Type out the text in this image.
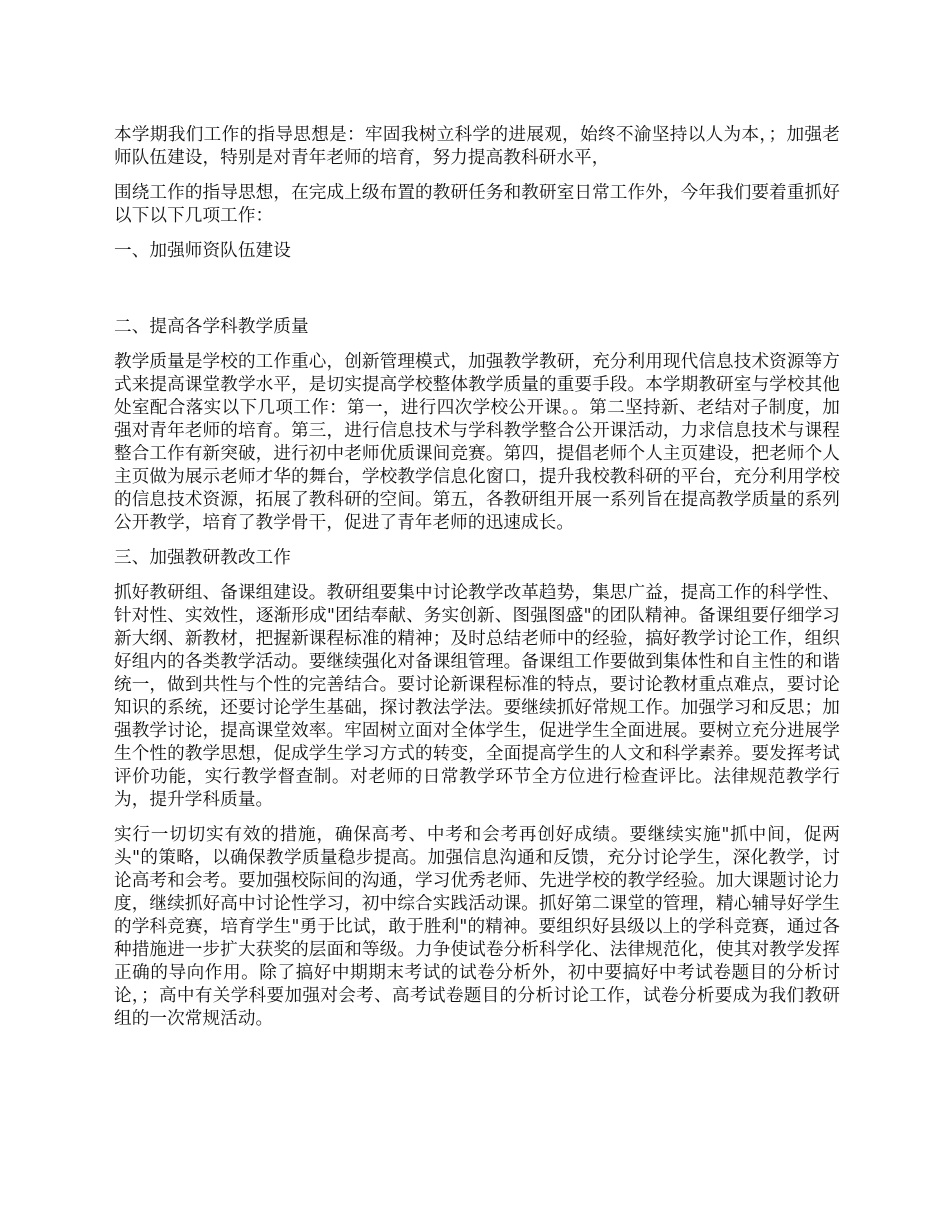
本学期我们工作的指导思想是：牢固我树立科学的进展观，始终不渝坚持以人为本，；加强老师队伍建设，特别是对青年老师的培育，努力提高教科研水平，

围绕工作的指导思想，在完成上级布置的教研任务和教研室日常工作外，今年我们要着重抓好以下以下几项工作：

一、加强师资队伍建设

二、提高各学科教学质量

教学质量是学校的工作重心，创新管理模式，加强教学教研，充分利用现代信息技术资源等方式来提高课堂教学水平，是切实提高学校整体教学质量的重要手段。本学期教研室与学校其他处室配合落实以下几项工作：第一，进行四次学校公开课。。第二坚持新、老结对子制度，加强对青年老师的培育。第三，进行信息技术与学科教学整合公开课活动，力求信息技术与课程整合工作有新突破，进行初中老师优质课间竞赛。第四，提倡老师个人主页建设，把老师个人主页做为展示老师才华的舞台，学校教学信息化窗口，提升我校教科研的平台，充分利用学校的信息技术资源，拓展了教科研的空间。第五，各教研组开展一系列旨在提高教学质量的系列公开教学，培育了教学骨干，促进了青年老师的迅速成长。

三、加强教研教改工作

抓好教研组、备课组建设。教研组要集中讨论教学改革趋势，集思广益，提高工作的科学性、针对性、实效性，逐渐形成"团结奉献、务实创新、图强图盛"的团队精神。备课组要仔细学习新大纲、新教材，把握新课程标准的精神；及时总结老师中的经验，搞好教学讨论工作，组织好组内的各类教学活动。要继续强化对备课组管理。备课组工作要做到集体性和自主性的和谐统一，做到共性与个性的完善结合。要讨论新课程标准的特点，要讨论教材重点难点，要讨论知识的系统，还要讨论学生基础，探讨教法学法。要继续抓好常规工作。加强学习和反思；加强教学讨论，提高课堂效率。牢固树立面对全体学生，促进学生全面进展。要树立充分进展学生个性的教学思想，促成学生学习方式的转变，全面提高学生的人文和科学素养。要发挥考试评价功能，实行教学督查制。对老师的日常教学环节全方位进行检查评比。法律规范教学行为，提升学科质量。

实行一切切实有效的措施，确保高考、中考和会考再创好成绩。要继续实施"抓中间，促两头"的策略，以确保教学质量稳步提高。加强信息沟通和反馈，充分讨论学生，深化教学，讨论高考和会考。要加强校际间的沟通，学习优秀老师、先进学校的教学经验。加大课题讨论力度，继续抓好高中讨论性学习，初中综合实践活动课。抓好第二课堂的管理，精心辅导好学生的学科竞赛，培育学生"勇于比试，敢于胜利"的精神。要组织好县级以上的学科竞赛，通过各种措施进一步扩大获奖的层面和等级。力争使试卷分析科学化、法律规范化，使其对教学发挥正确的导向作用。除了搞好中期期末考试的试卷分析外，初中要搞好中考试卷题目的分析讨论，；高中有关学科要加强对会考、高考试卷题目的分析讨论工作，试卷分析要成为我们教研组的一次常规活动。
